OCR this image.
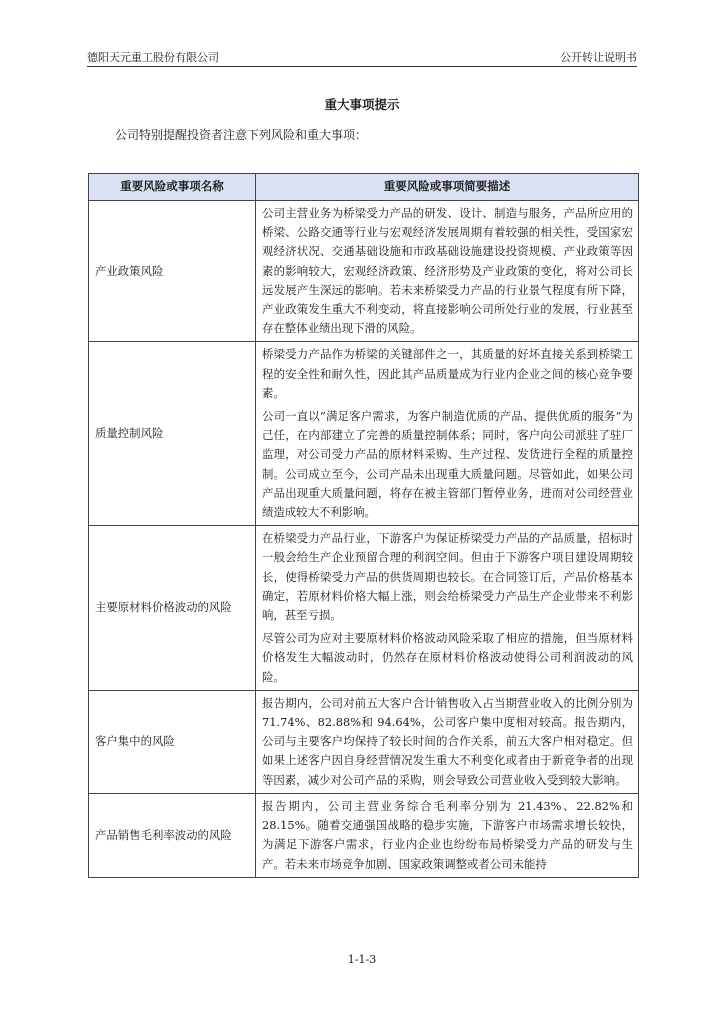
德阳天元重工股份有限公司	公开转让说明书
重大事项提示
公司特别提醒投资者注意下列风险和重大事项：
重要风险或事项名称	重要风险或事项简要描述
产业政策风险	公司主营业务为桥梁受力产品的研发、设计、制造与服务，产品所应用的桥梁、公路交通等行业与宏观经济发展周期有着较强的相关性，受国家宏观经济状况、交通基础设施和市政基础设施建设投资规模、产业政策等因素的影响较大，宏观经济政策、经济形势及产业政策的变化，将对公司长远发展产生深远的影响。若未来桥梁受力产品的行业景气程度有所下降，产业政策发生重大不利变动，将直接影响公司所处行业的发展，行业甚至存在整体业绩出现下滑的风险。

质量控制风险	桥梁受力产品作为桥梁的关键部件之一，其质量的好坏直接关系到桥梁工程的安全性和耐久性，因此其产品质量成为行业内企业之间的核心竞争要素。

公司一直以“满足客户需求，为客户制造优质的产品、提供优质的服务”为己任，在内部建立了完善的质量控制体系；同时，客户向公司派驻了驻厂监理，对公司受力产品的原材料采购、生产过程、发货进行全程的质量控制。公司成立至今，公司产品未出现重大质量问题。尽管如此，如果公司产品出现重大质量问题，将存在被主管部门暂停业务，进而对公司经营业绩造成较大不利影响。

主要原材料价格波动的风险	在桥梁受力产品行业，下游客户为保证桥梁受力产品的产品质量，招标时一般会给生产企业预留合理的利润空间。但由于下游客户项目建设周期较长，使得桥梁受力产品的供货周期也较长。在合同签订后，产品价格基本确定，若原材料价格大幅上涨，则会给桥梁受力产品生产企业带来不利影响，甚至亏损。

尽管公司为应对主要原材料价格波动风险采取了相应的措施，但当原材料价格发生大幅波动时，仍然存在原材料价格波动使得公司利润波动的风险。

客户集中的风险	报告期内，公司对前五大客户合计销售收入占当期营业收入的比例分别为 71.74%、82.88%和 94.64%，公司客户集中度相对较高。报告期内，公司与主要客户均保持了较长时间的合作关系，前五大客户相对稳定。但如果上述客户因自身经营情况发生重大不利变化或者由于新竞争者的出现等因素，减少对公司产品的采购，则会导致公司营业收入受到较大影响。

产品销售毛利率波动的风险	报告期内，公司主营业务综合毛利率分别为 21.43%、22.82%和28.15%。随着交通强国战略的稳步实施，下游客户市场需求增长较快，为满足下游客户需求，行业内企业也纷纷布局桥梁受力产品的研发与生产。若未来市场竞争加剧、国家政策调整或者公司未能持

1-1-3
